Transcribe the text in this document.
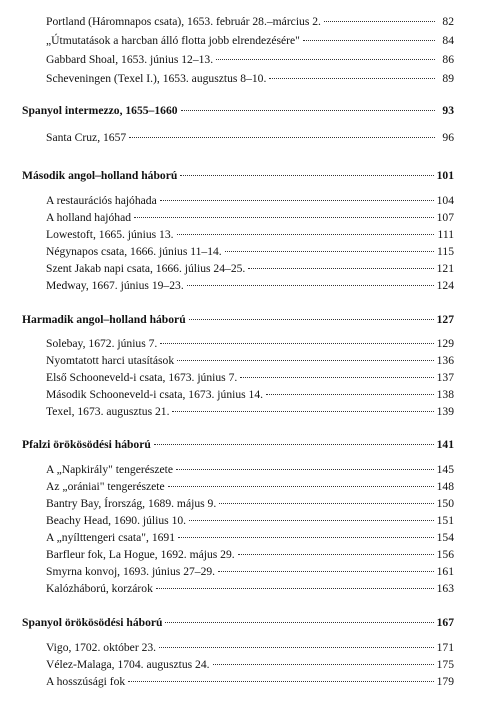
Portland (Háromnapos csata), 1653. február 28.–március 2.	82
„Útmutatások a harcban álló flotta jobb elrendezésére"	84
Gabbard Shoal, 1653. június 12–13.	86
Scheveningen (Texel I.), 1653. augusztus 8–10.	89
Spanyol intermezzo, 1655–1660	93
Santa Cruz, 1657	96
Második angol–holland háború	101
A restaurációs hajóhada	104
A holland hajóhad	107
Lowestoft, 1665. június 13.	111
Négynapos csata, 1666. június 11–14.	115
Szent Jakab napi csata, 1666. július 24–25.	121
Medway, 1667. június 19–23.	124
Harmadik angol–holland háború	127
Solebay, 1672. június 7.	129
Nyomtatott harci utasítások	136
Első Schooneveld-i csata, 1673. június 7.	137
Második Schooneveld-i csata, 1673. június 14.	138
Texel, 1673. augusztus 21.	139
Pfalzi örökösödési háború	141
A „Napkirály" tengerészete	145
Az „orániai" tengerészete	148
Bantry Bay, Írország, 1689. május 9.	150
Beachy Head, 1690. július 10.	151
A „nyílttengeri csata", 1691	154
Barfleur fok, La Hogue, 1692. május 29.	156
Smyrna konvoj, 1693. június 27–29.	161
Kalózháború, korzárok	163
Spanyol örökösödési háború	167
Vigo, 1702. október 23.	171
Vélez-Malaga, 1704. augusztus 24.	175
A hosszúsági fok	179
